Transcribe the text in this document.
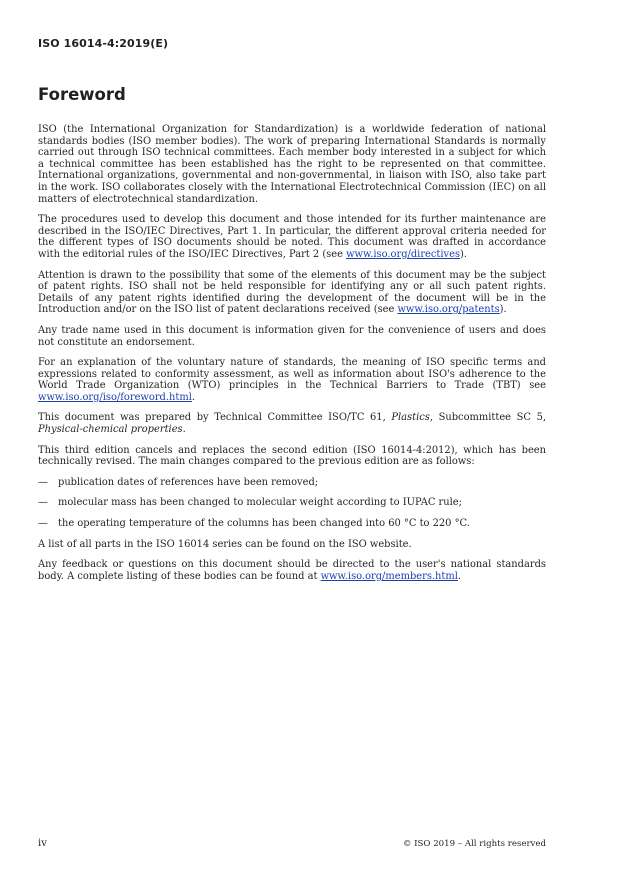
ISO 16014-4:2019(E)
Foreword

ISO (the International Organization for Standardization) is a worldwide federation of national standards bodies (ISO member bodies). The work of preparing International Standards is normally carried out through ISO technical committees. Each member body interested in a subject for which a technical committee has been established has the right to be represented on that committee. International organizations, governmental and non-governmental, in liaison with ISO, also take part in the work. ISO collaborates closely with the International Electrotechnical Commission (IEC) on all matters of electrotechnical standardization.

The procedures used to develop this document and those intended for its further maintenance are described in the ISO/IEC Directives, Part 1. In particular, the different approval criteria needed for the different types of ISO documents should be noted. This document was drafted in accordance with the editorial rules of the ISO/IEC Directives, Part 2 (see www.iso.org/directives).

Attention is drawn to the possibility that some of the elements of this document may be the subject of patent rights. ISO shall not be held responsible for identifying any or all such patent rights. Details of any patent rights identified during the development of the document will be in the Introduction and/or on the ISO list of patent declarations received (see www.iso.org/patents).

Any trade name used in this document is information given for the convenience of users and does not constitute an endorsement.

For an explanation of the voluntary nature of standards, the meaning of ISO specific terms and expressions related to conformity assessment, as well as information about ISO's adherence to the World Trade Organization (WTO) principles in the Technical Barriers to Trade (TBT) see www.iso.org/iso/foreword.html.

This document was prepared by Technical Committee ISO/TC 61, Plastics, Subcommittee SC 5, Physical-chemical properties.

This third edition cancels and replaces the second edition (ISO 16014-4:2012), which has been technically revised. The main changes compared to the previous edition are as follows:

—	publication dates of references have been removed;
—	molecular mass has been changed to molecular weight according to IUPAC rule;
—	the operating temperature of the columns has been changed into 60 °C to 220 °C.

A list of all parts in the ISO 16014 series can be found on the ISO website.

Any feedback or questions on this document should be directed to the user's national standards body. A complete listing of these bodies can be found at www.iso.org/members.html.

iv	© ISO 2019 – All rights reserved
